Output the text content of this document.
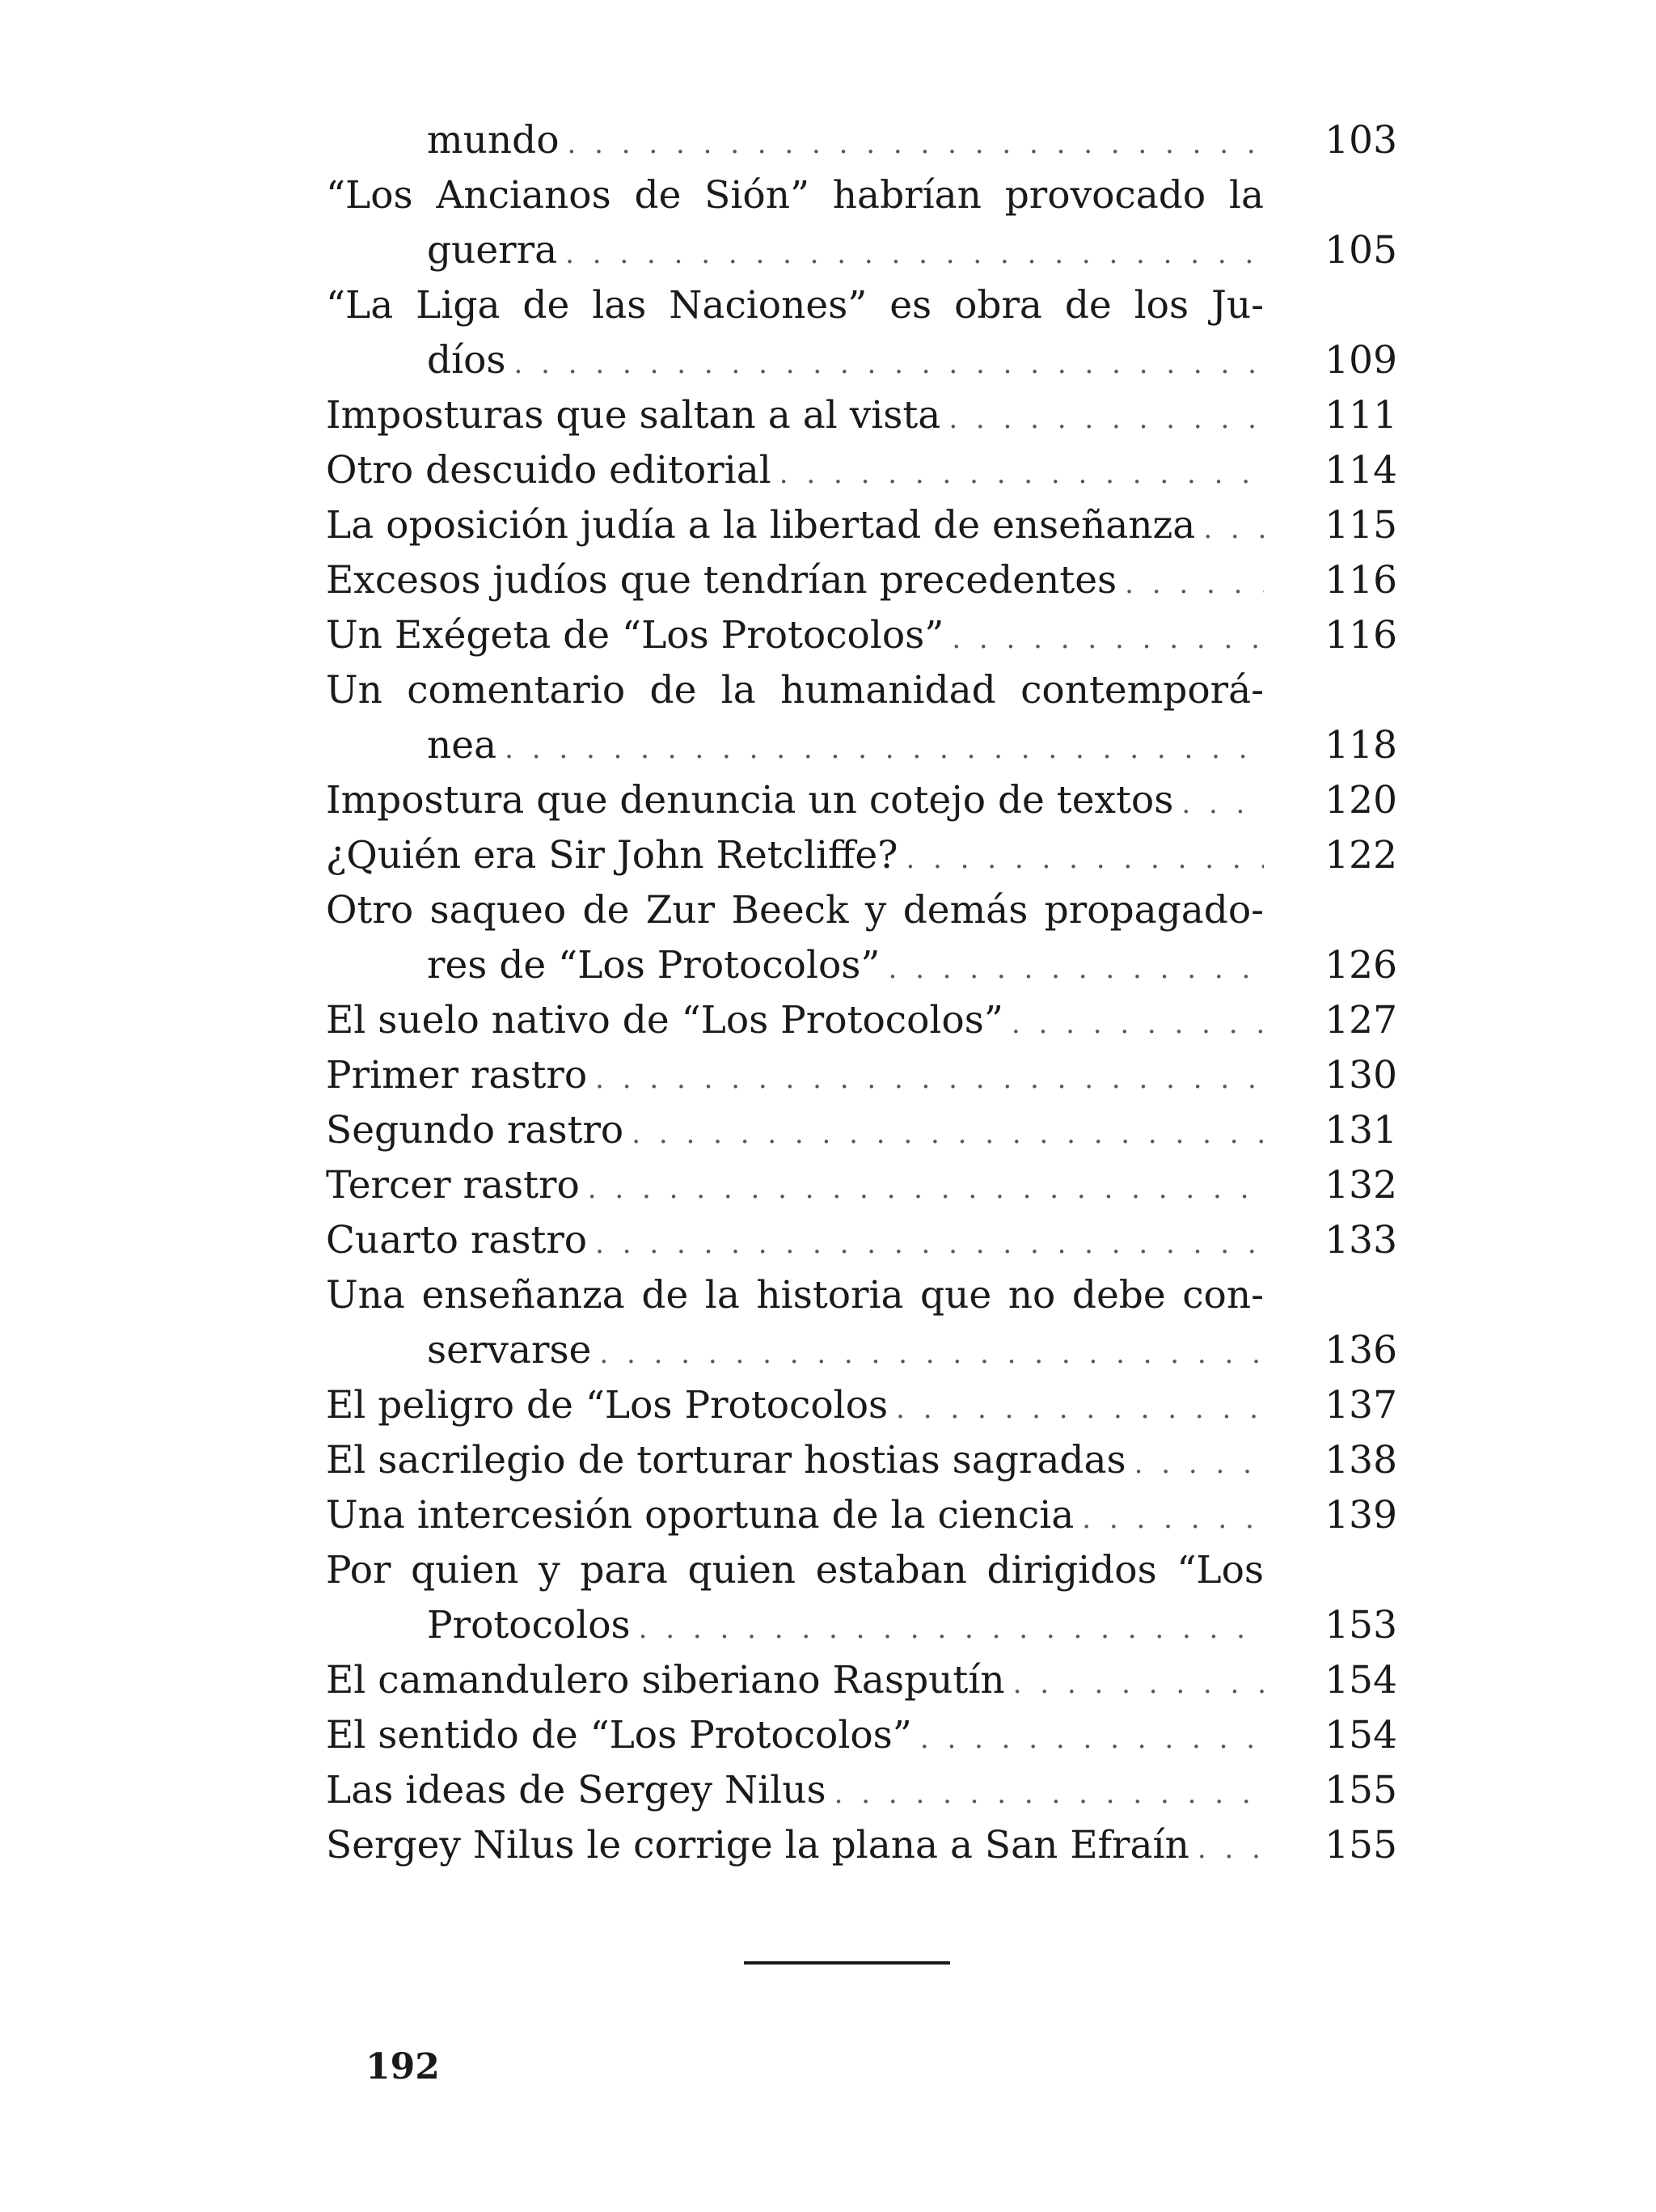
mundo . . .	103
“Los Ancianos de Sión” habrían provocado la
guerra . . .	105
“La Liga de las Naciones” es obra de los Ju-
díos . . .	109
Imposturas que saltan a al vista . . .	111
Otro descuido editorial . . .	114
La oposición judía a la libertad de enseñanza . . .	115
Excesos judíos que tendrían precedentes . . .	116
Un Exégeta de “Los Protocolos” . . .	116
Un comentario de la humanidad contemporá-
nea . . .	118
Impostura que denuncia un cotejo de textos . . .	120
¿Quién era Sir John Retcliffe? . . .	122
Otro saqueo de Zur Beeck y demás propagado-
res de “Los Protocolos” . . .	126
El suelo nativo de “Los Protocolos” . . .	127
Primer rastro . . .	130
Segundo rastro . . .	131
Tercer rastro . . .	132
Cuarto rastro . . .	133
Una enseñanza de la historia que no debe con-
servarse . . .	136
El peligro de “Los Protocolos . . .	137
El sacrilegio de torturar hostias sagradas . . .	138
Una intercesión oportuna de la ciencia . . .	139
Por quien y para quien estaban dirigidos “Los
Protocolos . . .	153
El camandulero siberiano Rasputín . . .	154
El sentido de “Los Protocolos” . . .	154
Las ideas de Sergey Nilus . . .	155
Sergey Nilus le corrige la plana a San Efraín . . .	155
192
